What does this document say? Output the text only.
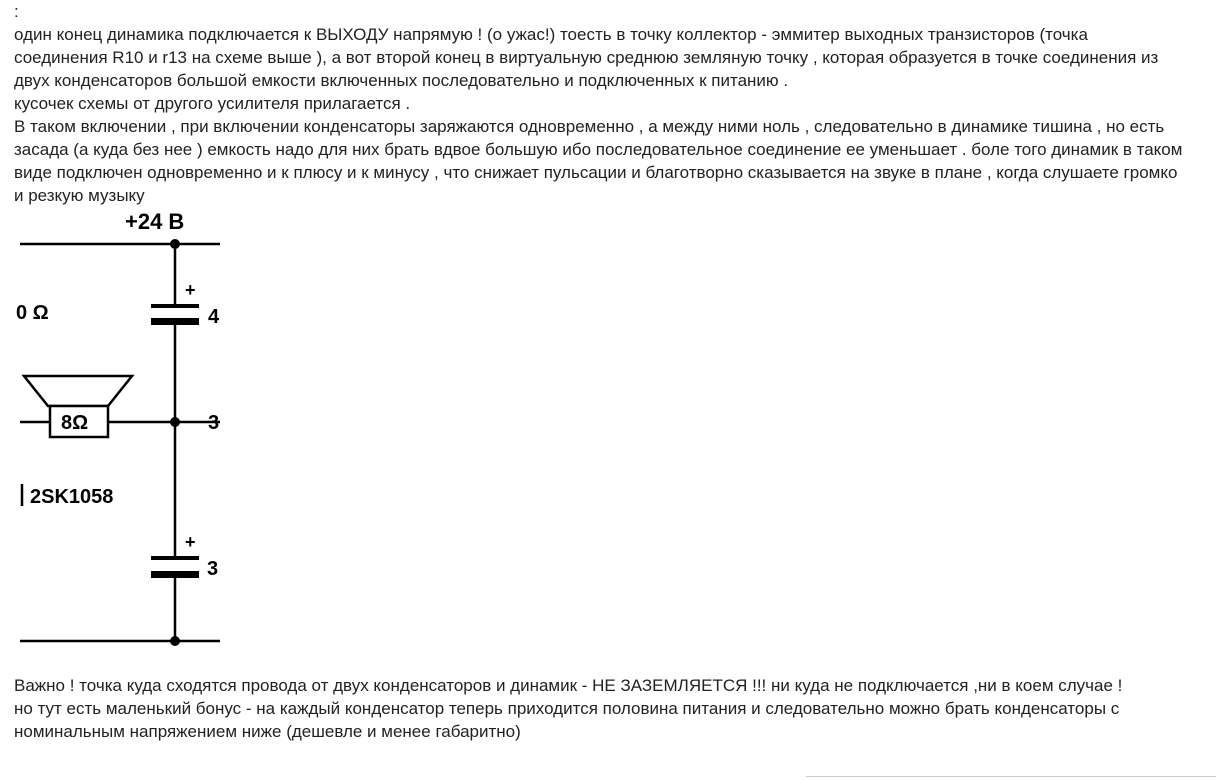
:

один конец динамика подключается к ВЫХОДУ напрямую ! (о ужас!) тоесть в точку коллектор - эммитер выходных транзисторов (точка соединения R10 и r13 на схеме выше ), а вот второй конец в виртуальную среднюю земляную точку , которая образуется в точке соединения из двух конденсаторов большой емкости включенных последовательно и подключенных к питанию .

кусочек схемы от другого усилителя прилагается .

В таком включении , при включении конденсаторы заряжаются одновременно , а между ними ноль , следовательно в динамике тишина , но есть засада (а куда без нее ) емкость надо для них брать вдвое большую ибо последовательное соединение ее уменьшает . боле того динамик в таком виде подключен одновременно и к плюсу и к минусу , что снижает пульсации и благотворно сказывается на звуке в плане , когда слушаете громко и резкую музыку

+24 В
+
4
0 Ω
8Ω	3
2SK1058
+
3

Важно ! точка куда сходятся провода от двух конденсаторов и динамик - НЕ ЗАЗЕМЛЯЕТСЯ !!! ни куда не подключается ,ни в коем случае !

но тут есть маленький бонус - на каждый конденсатор теперь приходится половина питания и следовательно можно брать конденсаторы с номинальным напряжением ниже (дешевле и менее габаритно)
